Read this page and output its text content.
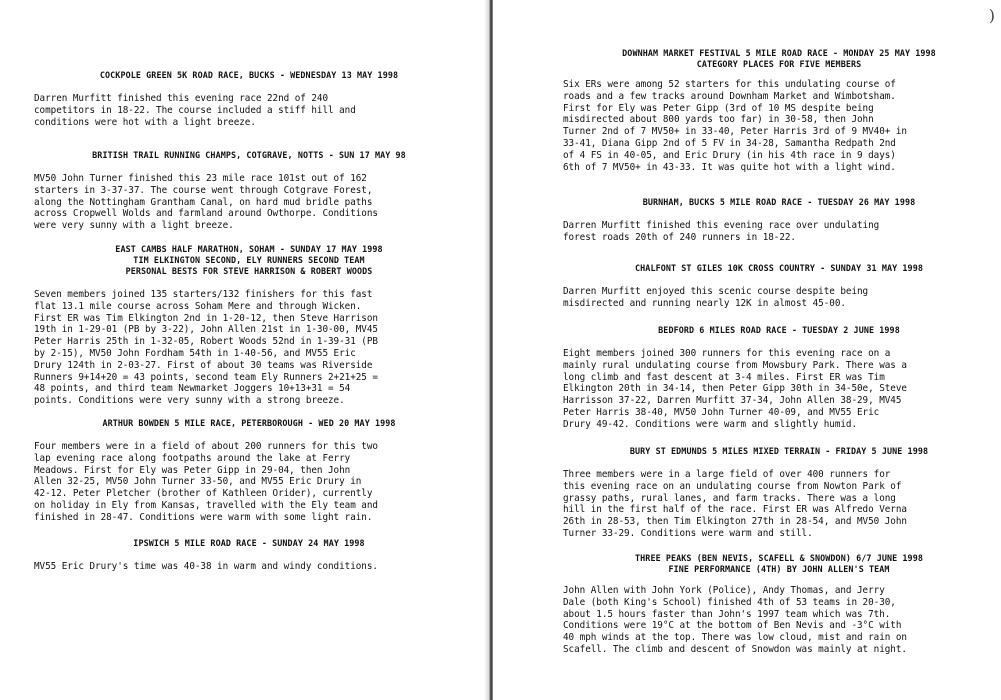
COCKPOLE GREEN 5K ROAD RACE, BUCKS - WEDNESDAY 13 MAY 1998
Darren Murfitt finished this evening race 22nd of 240
competitors in 18-22. The course included a stiff hill and
conditions were hot with a light breeze.
BRITISH TRAIL RUNNING CHAMPS, COTGRAVE, NOTTS - SUN 17 MAY 98
MV50 John Turner finished this 23 mile race 101st out of 162
starters in 3-37-37. The course went through Cotgrave Forest,
along the Nottingham Grantham Canal, on hard mud bridle paths
across Cropwell Wolds and farmland around Owthorpe. Conditions
were very sunny with a light breeze.
EAST CAMBS HALF MARATHON, SOHAM - SUNDAY 17 MAY 1998
TIM ELKINGTON SECOND, ELY RUNNERS SECOND TEAM
PERSONAL BESTS FOR STEVE HARRISON & ROBERT WOODS
Seven members joined 135 starters/132 finishers for this fast
flat 13.1 mile course across Soham Mere and through Wicken.
First ER was Tim Elkington 2nd in 1-20-12, then Steve Harrison
19th in 1-29-01 (PB by 3-22), John Allen 21st in 1-30-00, MV45
Peter Harris 25th in 1-32-05, Robert Woods 52nd in 1-39-31 (PB
by 2-15), MV50 John Fordham 54th in 1-40-56, and MV55 Eric
Drury 124th in 2-03-27. First of about 30 teams was Riverside
Runners 9+14+20 = 43 points, second team Ely Runners 2+21+25 =
48 points, and third team Newmarket Joggers 10+13+31 = 54
points. Conditions were very sunny with a strong breeze.
ARTHUR BOWDEN 5 MILE RACE, PETERBOROUGH - WED 20 MAY 1998
Four members were in a field of about 200 runners for this two
lap evening race along footpaths around the lake at Ferry
Meadows. First for Ely was Peter Gipp in 29-04, then John
Allen 32-25, MV50 John Turner 33-50, and MV55 Eric Drury in
42-12. Peter Pletcher (brother of Kathleen Orider), currently
on holiday in Ely from Kansas, travelled with the Ely team and
finished in 28-47. Conditions were warm with some light rain.
IPSWICH 5 MILE ROAD RACE - SUNDAY 24 MAY 1998
MV55 Eric Drury's time was 40-38 in warm and windy conditions.
)
DOWNHAM MARKET FESTIVAL 5 MILE ROAD RACE - MONDAY 25 MAY 1998
CATEGORY PLACES FOR FIVE MEMBERS
Six ERs were among 52 starters for this undulating course of
roads and a few tracks around Downham Market and Wimbotsham.
First for Ely was Peter Gipp (3rd of 10 MS despite being
misdirected about 800 yards too far) in 30-58, then John
Turner 2nd of 7 MV50+ in 33-40, Peter Harris 3rd of 9 MV40+ in
33-41, Diana Gipp 2nd of 5 FV in 34-28, Samantha Redpath 2nd
of 4 FS in 40-05, and Eric Drury (in his 4th race in 9 days)
6th of 7 MV50+ in 43-33. It was quite hot with a light wind.
BURNHAM, BUCKS 5 MILE ROAD RACE - TUESDAY 26 MAY 1998
Darren Murfitt finished this evening race over undulating
forest roads 20th of 240 runners in 18-22.
CHALFONT ST GILES 10K CROSS COUNTRY - SUNDAY 31 MAY 1998
Darren Murfitt enjoyed this scenic course despite being
misdirected and running nearly 12K in almost 45-00.
BEDFORD 6 MILES ROAD RACE - TUESDAY 2 JUNE 1998
Eight members joined 300 runners for this evening race on a
mainly rural undulating course from Mowsbury Park. There was a
long climb and fast descent at 3-4 miles. First ER was Tim
Elkington 20th in 34-14, then Peter Gipp 30th in 34-50e, Steve
Harrisson 37-22, Darren Murfitt 37-34, John Allen 38-29, MV45
Peter Harris 38-40, MV50 John Turner 40-09, and MV55 Eric
Drury 49-42. Conditions were warm and slightly humid.
BURY ST EDMUNDS 5 MILES MIXED TERRAIN - FRIDAY 5 JUNE 1998
Three members were in a large field of over 400 runners for
this evening race on an undulating course from Nowton Park of
grassy paths, rural lanes, and farm tracks. There was a long
hill in the first half of the race. First ER was Alfredo Verna
26th in 28-53, then Tim Elkington 27th in 28-54, and MV50 John
Turner 33-29. Conditions were warm and still.
THREE PEAKS (BEN NEVIS, SCAFELL & SNOWDON) 6/7 JUNE 1998
FINE PERFORMANCE (4TH) BY JOHN ALLEN'S TEAM
John Allen with John York (Police), Andy Thomas, and Jerry
Dale (both King's School) finished 4th of 53 teams in 20-30,
about 1.5 hours faster than John's 1997 team which was 7th.
Conditions were 19°C at the bottom of Ben Nevis and -3°C with
40 mph winds at the top. There was low cloud, mist and rain on
Scafell. The climb and descent of Snowdon was mainly at night.
